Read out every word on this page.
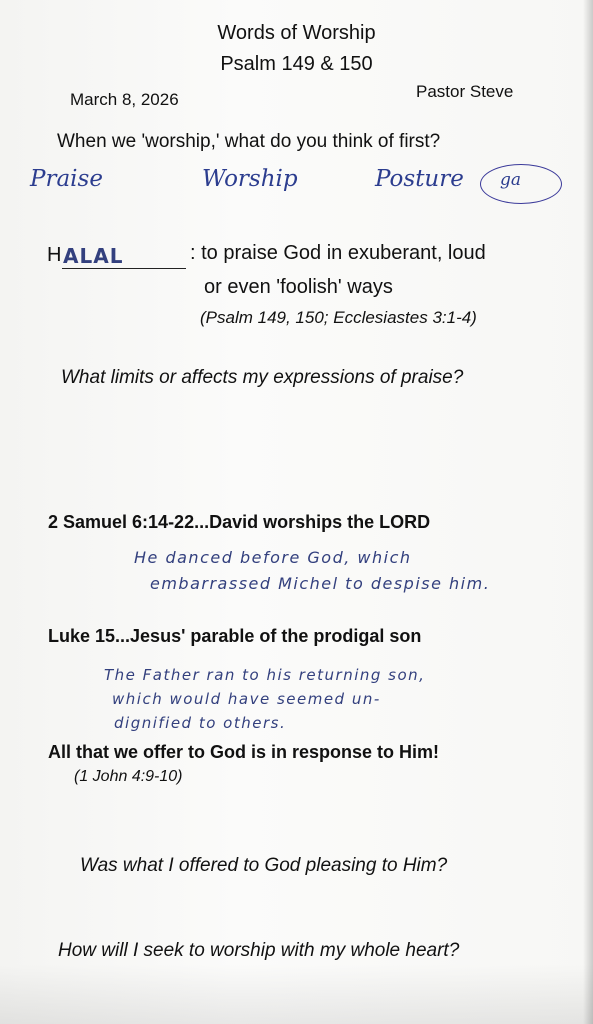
Words of Worship
Psalm 149 & 150
March 8, 2026	Pastor Steve
When we 'worship,' what do you think of first?
Praise	Worship	Posture ga
H ALAL	: to praise God in exuberant, loud
or even 'foolish' ways
(Psalm 149, 150; Ecclesiastes 3:1-4)
What limits or affects my expressions of praise?
2 Samuel 6:14-22...David worships the LORD
He danced before God, which
embarrassed Michel to despise him.
Luke 15...Jesus' parable of the prodigal son
The Father ran to his returning son,
which would have seemed un-
dignified to others.
All that we offer to God is in response to Him!
(1 John 4:9-10)
Was what I offered to God pleasing to Him?
How will I seek to worship with my whole heart?
